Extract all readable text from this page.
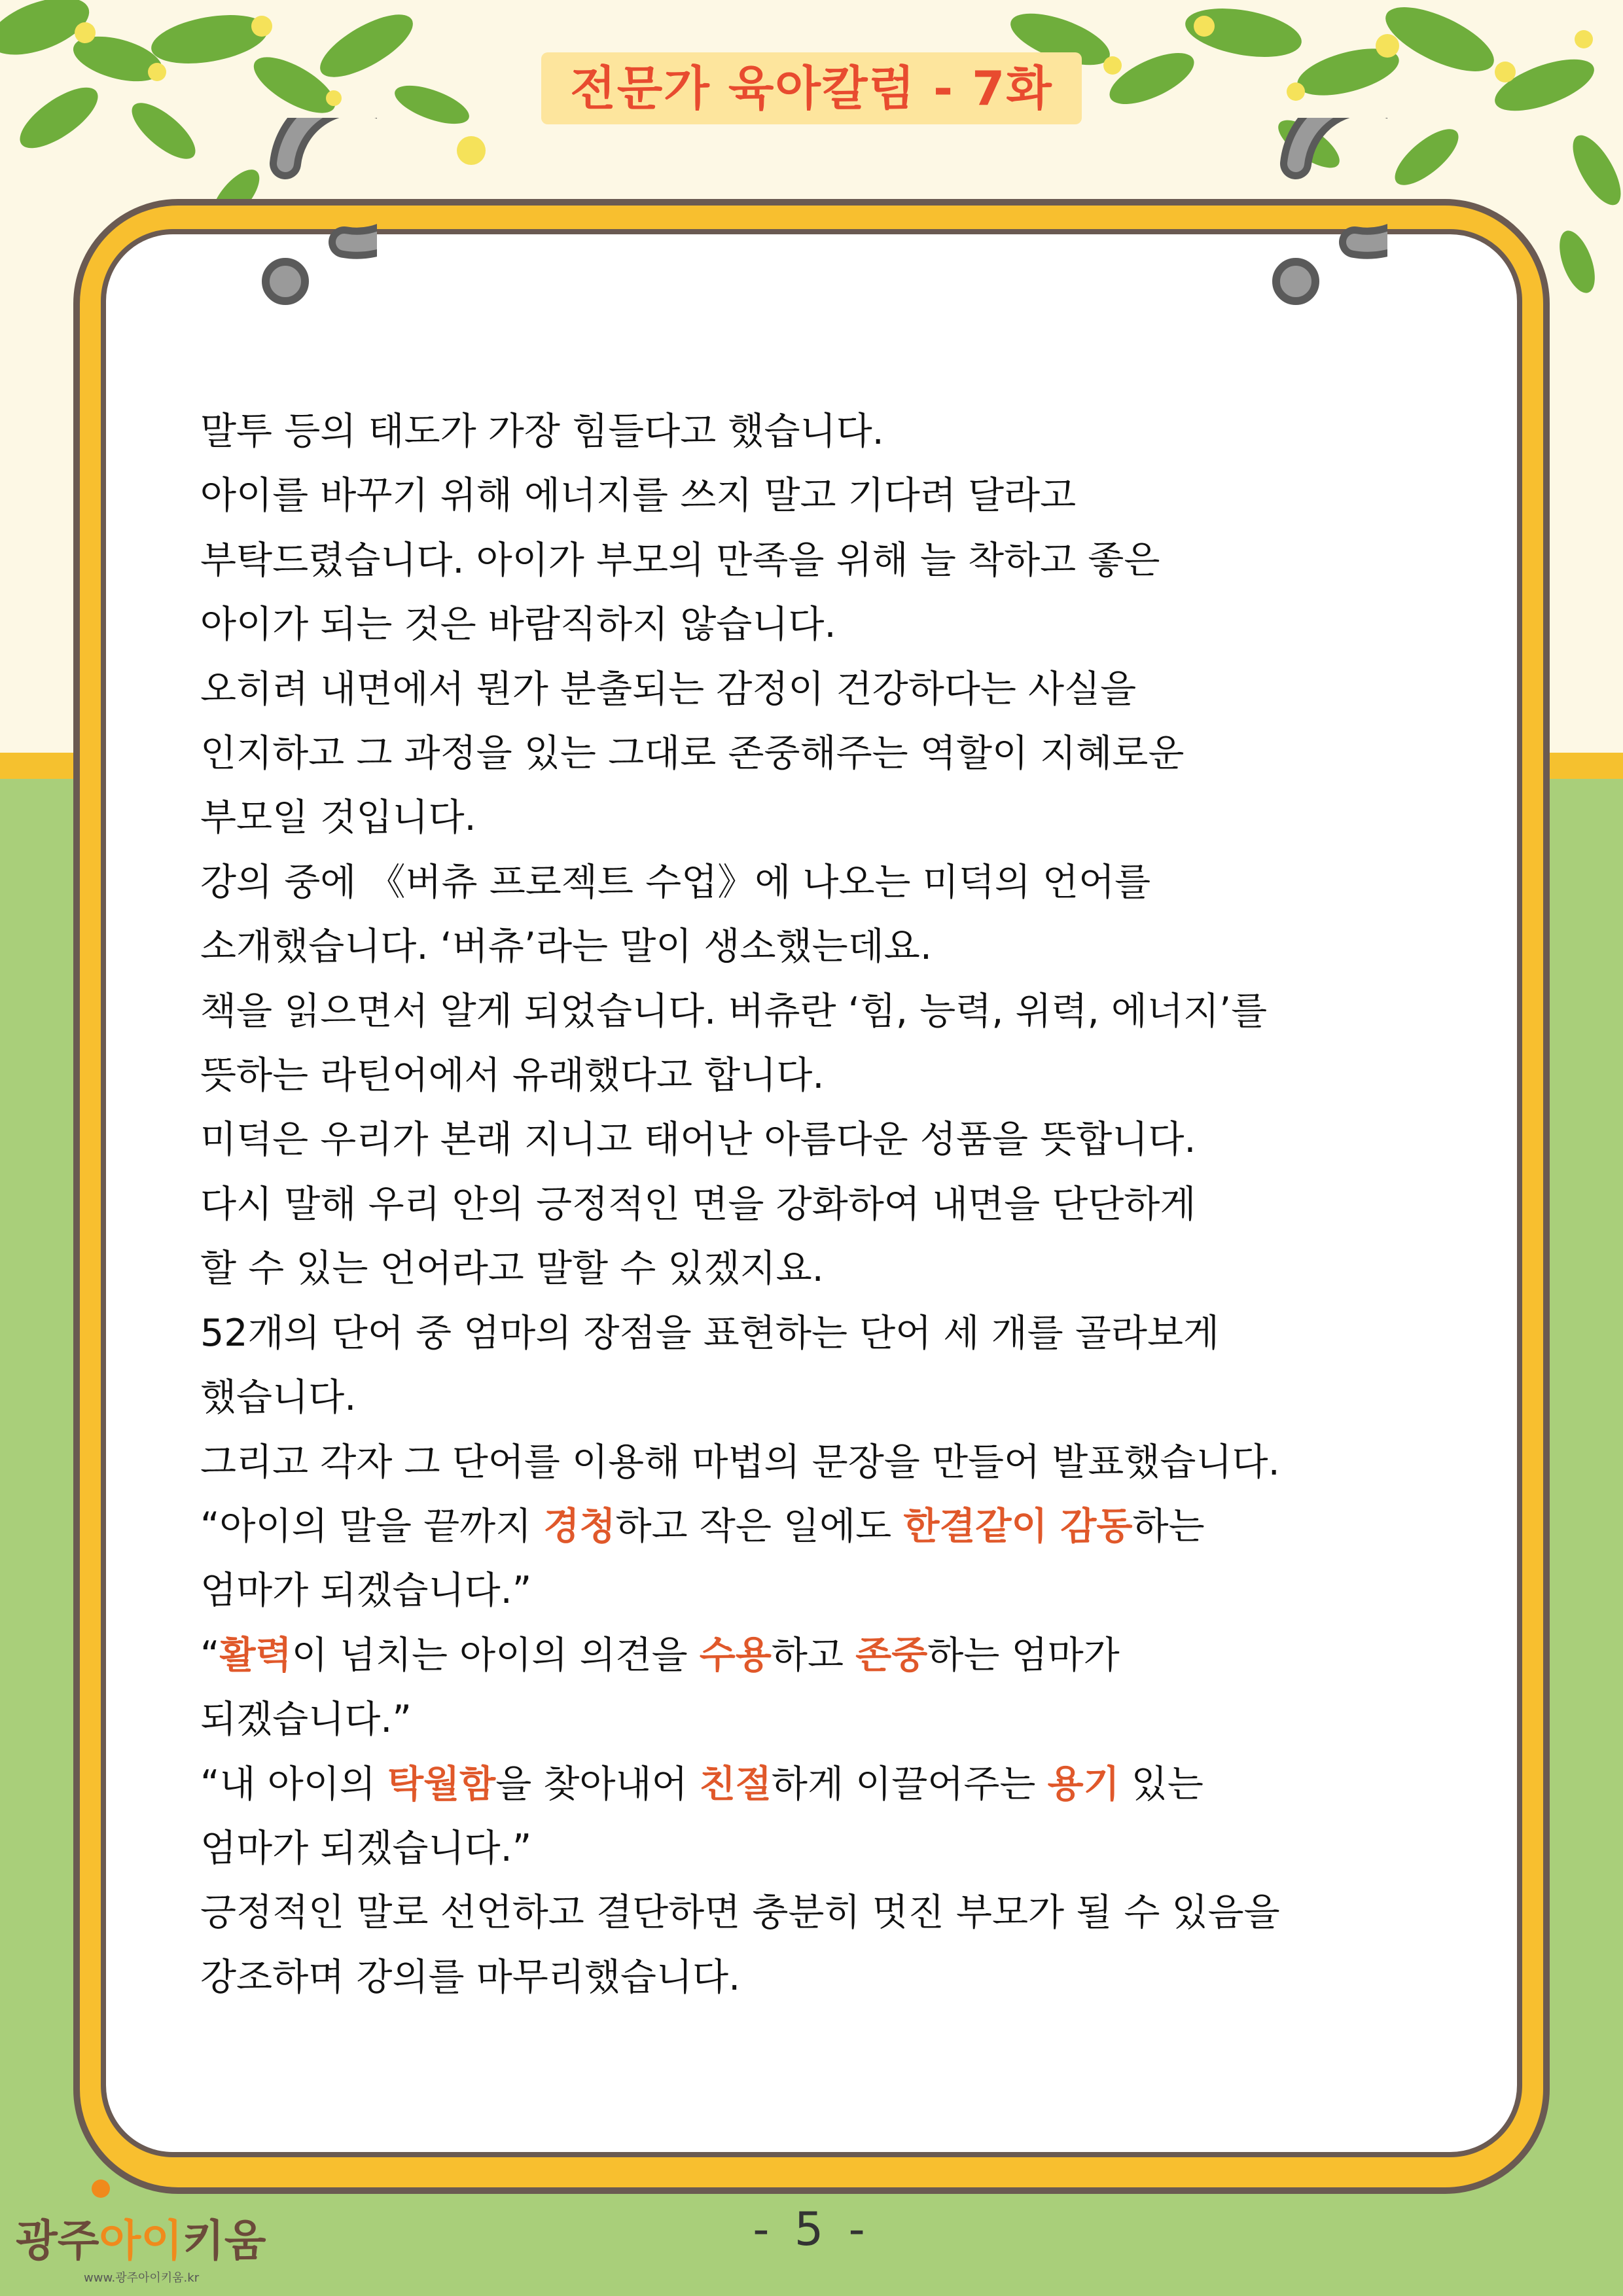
전문가 육아칼럼 - 7화
말투 등의 태도가 가장 힘들다고 했습니다.
아이를 바꾸기 위해 에너지를 쓰지 말고 기다려 달라고
부탁드렸습니다. 아이가 부모의 만족을 위해 늘 착하고 좋은
아이가 되는 것은 바람직하지 않습니다.
오히려 내면에서 뭔가 분출되는 감정이 건강하다는 사실을
인지하고 그 과정을 있는 그대로 존중해주는 역할이 지혜로운
부모일 것입니다.
강의 중에 《버츄 프로젝트 수업》에 나오는 미덕의 언어를
소개했습니다. ‘버츄’라는 말이 생소했는데요.
책을 읽으면서 알게 되었습니다. 버츄란 ‘힘, 능력, 위력, 에너지’를
뜻하는 라틴어에서 유래했다고 합니다.
미덕은 우리가 본래 지니고 태어난 아름다운 성품을 뜻합니다.
다시 말해 우리 안의 긍정적인 면을 강화하여 내면을 단단하게
할 수 있는 언어라고 말할 수 있겠지요.
52개의 단어 중 엄마의 장점을 표현하는 단어 세 개를 골라보게
했습니다.
그리고 각자 그 단어를 이용해 마법의 문장을 만들어 발표했습니다.
“아이의 말을 끝까지 경청하고 작은 일에도 한결같이 감동하는
엄마가 되겠습니다.”
“활력이 넘치는 아이의 의견을 수용하고 존중하는 엄마가
되겠습니다.”
“내 아이의 탁월함을 찾아내어 친절하게 이끌어주는 용기 있는
엄마가 되겠습니다.”
긍정적인 말로 선언하고 결단하면 충분히 멋진 부모가 될 수 있음을
강조하며 강의를 마무리했습니다.
광주아이키움
www.광주아이키움.kr
- 5 -
